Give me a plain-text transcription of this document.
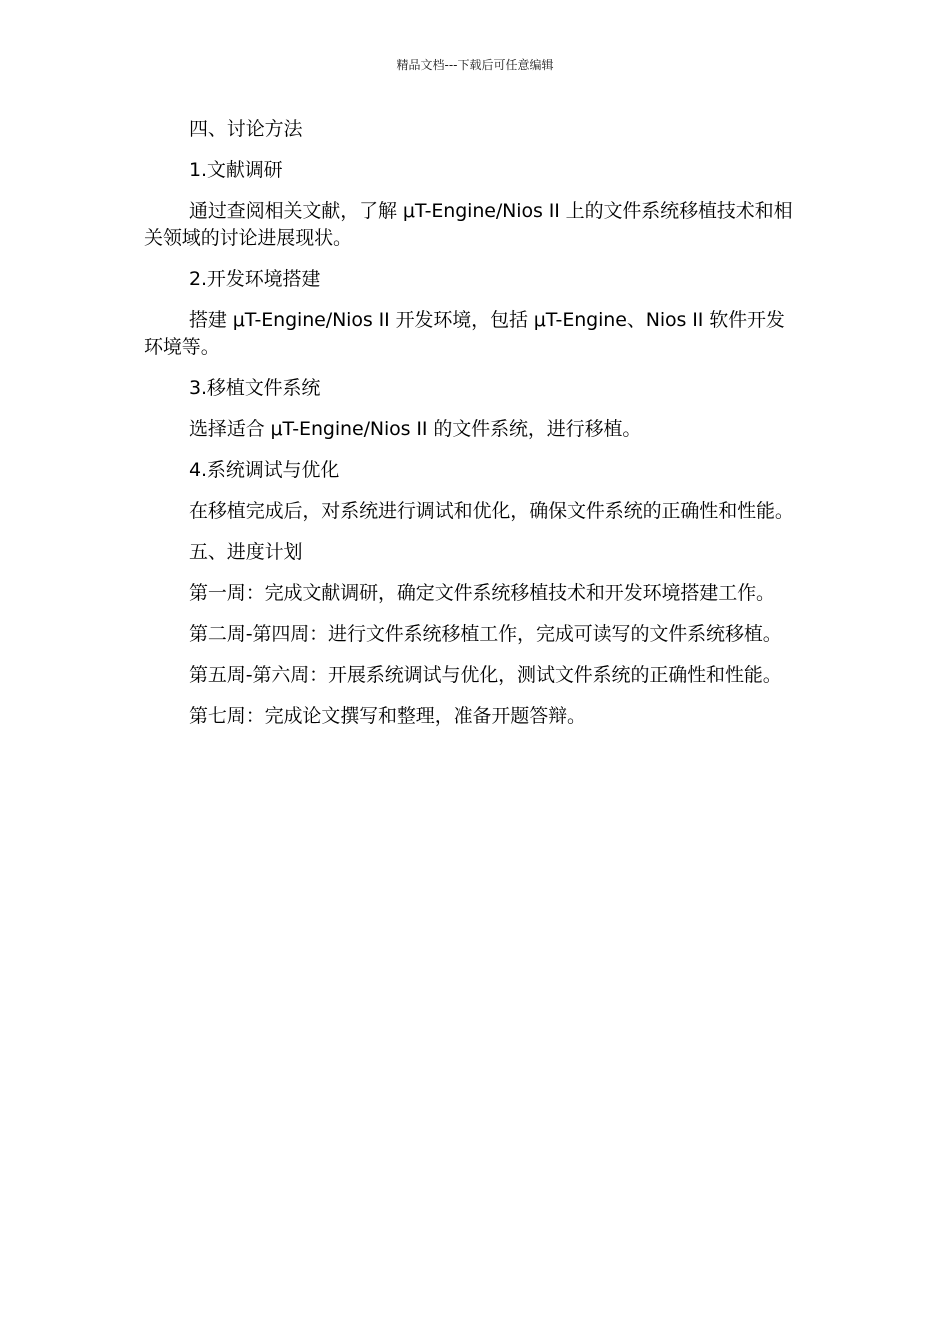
精品文档---下载后可任意编辑

四、讨论方法

1.文献调研

通过查阅相关文献，了解 μT-Engine/Nios II 上的文件系统移植技术和相关领域的讨论进展现状。

2.开发环境搭建

搭建 μT-Engine/Nios II 开发环境，包括 μT-Engine、Nios II 软件开发环境等。

3.移植文件系统

选择适合 μT-Engine/Nios II 的文件系统，进行移植。

4.系统调试与优化

在移植完成后，对系统进行调试和优化，确保文件系统的正确性和性能。

五、进度计划

第一周：完成文献调研，确定文件系统移植技术和开发环境搭建工作。

第二周-第四周：进行文件系统移植工作，完成可读写的文件系统移植。

第五周-第六周：开展系统调试与优化，测试文件系统的正确性和性能。

第七周：完成论文撰写和整理，准备开题答辩。
